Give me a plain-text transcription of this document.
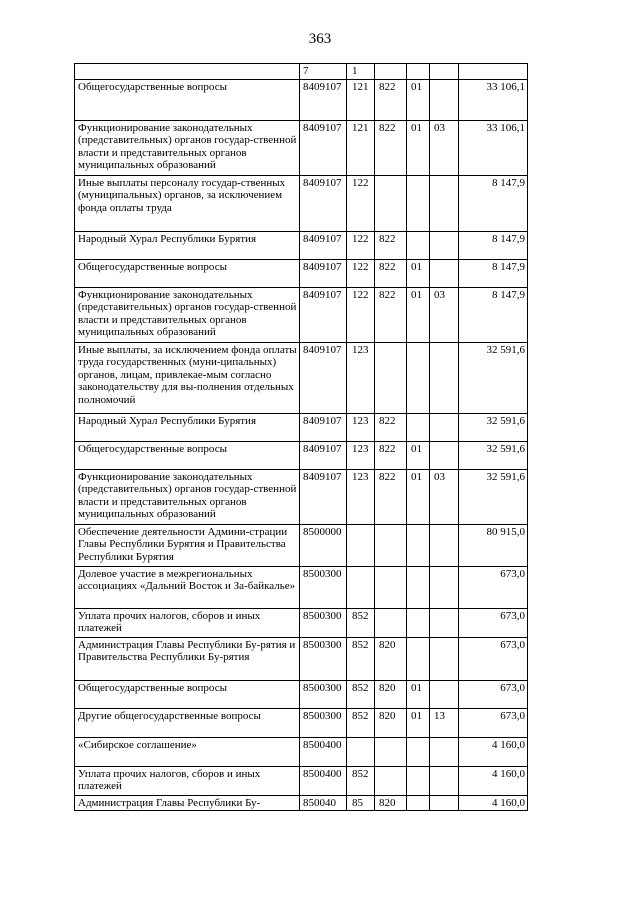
363
	7	1				
Общегосударственные вопросы	8409107	121	822	01		33 106,1
Функционирование законодательных (представительных) органов государ-ственной власти и представительных органов муниципальных образований	8409107	121	822	01	03	33 106,1
Иные выплаты персоналу государ-ственных (муниципальных) органов, за исключением фонда оплаты труда	8409107	122				8 147,9
Народный Хурал Республики Бурятия	8409107	122	822			8 147,9
Общегосударственные вопросы	8409107	122	822	01		8 147,9
Функционирование законодательных (представительных) органов государ-ственной власти и представительных органов муниципальных образований	8409107	122	822	01	03	8 147,9
Иные выплаты, за исключением фонда оплаты труда государственных (муни-ципальных) органов, лицам, привлекае-мым согласно законодательству для вы-полнения отдельных полномочий	8409107	123				32 591,6
Народный Хурал Республики Бурятия	8409107	123	822			32 591,6
Общегосударственные вопросы	8409107	123	822	01		32 591,6
Функционирование законодательных (представительных) органов государ-ственной власти и представительных органов муниципальных образований	8409107	123	822	01	03	32 591,6
Обеспечение деятельности Админи-страции Главы Республики Бурятия и Правительства Республики Бурятия	8500000					80 915,0
Долевое участие в межрегиональных ассоциациях «Дальний Восток и За-байкалье»	8500300					673,0
Уплата прочих налогов, сборов и иных платежей	8500300	852				673,0
Администрация Главы Республики Бу-рятия и Правительства Республики Бу-рятия	8500300	852	820			673,0
Общегосударственные вопросы	8500300	852	820	01		673,0
Другие общегосударственные вопросы	8500300	852	820	01	13	673,0
«Сибирское соглашение»	8500400					4 160,0
Уплата прочих налогов, сборов и иных платежей	8500400	852				4 160,0
Администрация Главы Республики Бу-	850040	85	820			4 160,0
